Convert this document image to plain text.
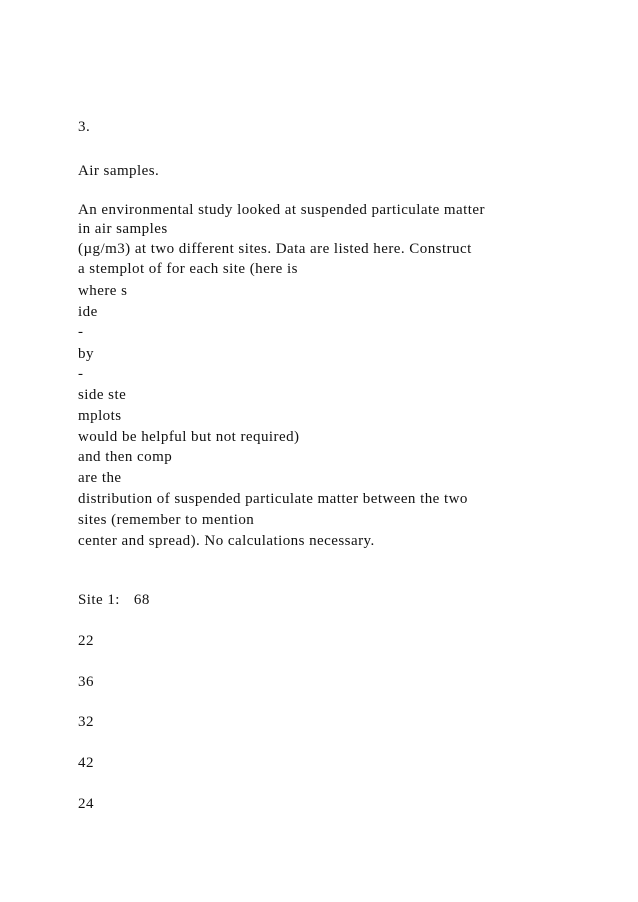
3.
Air samples.
An environmental study looked at suspended particulate matter
in air samples
(µg/m3) at two different sites. Data are listed here. Construct
a stemplot of for each site (here is
where s
ide
-
by
-
side ste
mplots
would be helpful but not required)
and then comp
are the
distribution of suspended particulate matter between the two
sites (remember to mention
center and spread). No calculations necessary.
Site 1: 68
22
36
32
42
24
